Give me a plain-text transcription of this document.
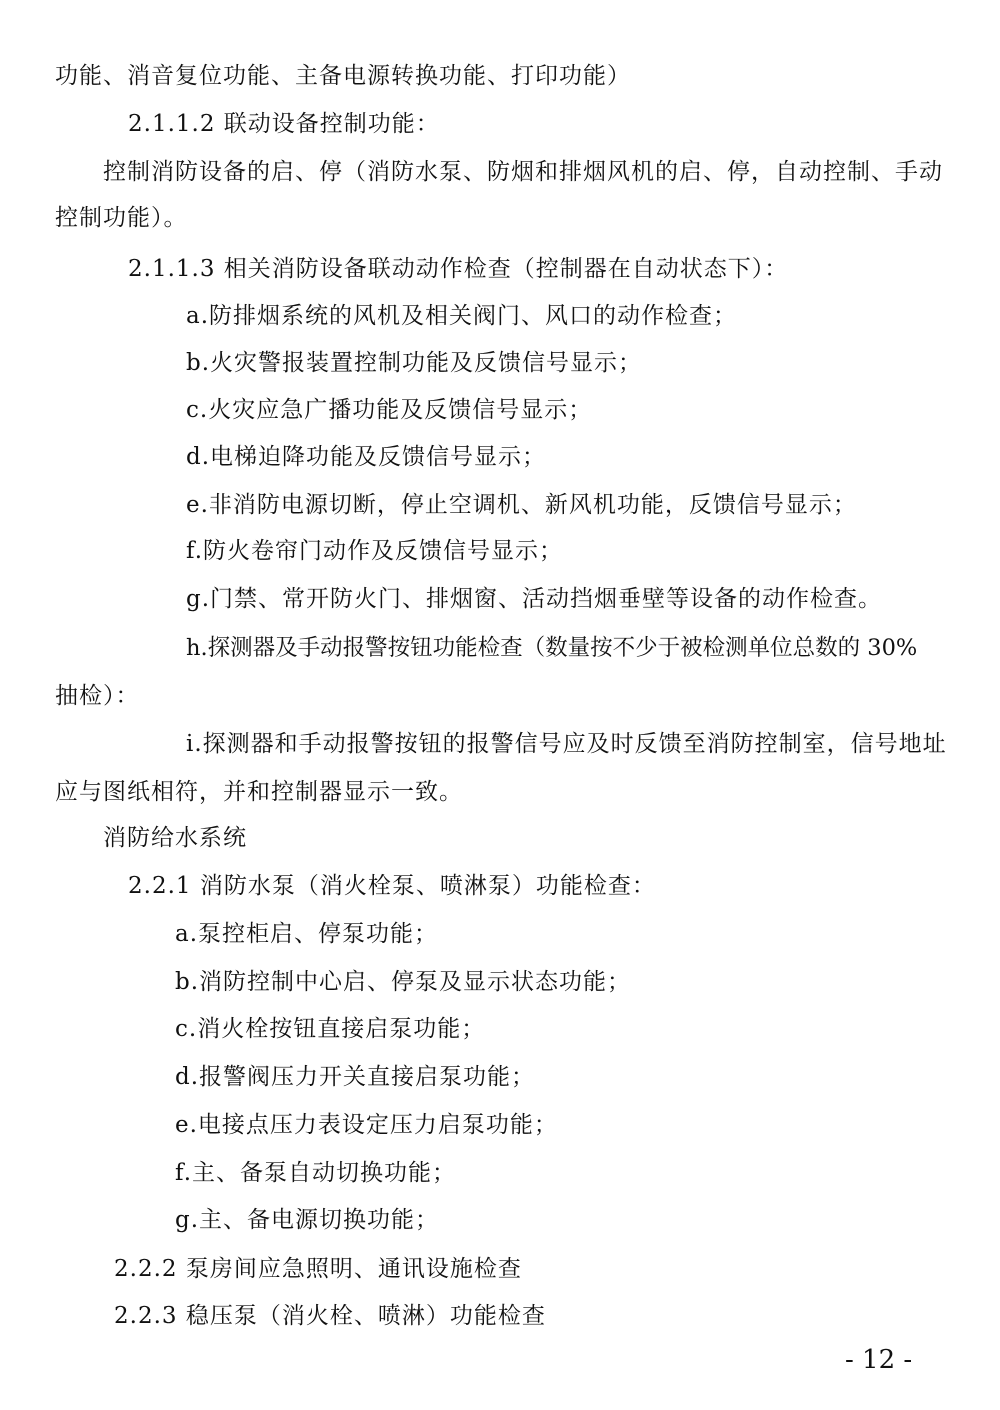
功能、消音复位功能、主备电源转换功能、打印功能）
2.1.1.2 联动设备控制功能：
控制消防设备的启、停（消防水泵、防烟和排烟风机的启、停，自动控制、手动
控制功能）。
2.1.1.3 相关消防设备联动动作检查（控制器在自动状态下）：
a.防排烟系统的风机及相关阀门、风口的动作检查；
b.火灾警报装置控制功能及反馈信号显示；
c.火灾应急广播功能及反馈信号显示；
d.电梯迫降功能及反馈信号显示；
e.非消防电源切断，停止空调机、新风机功能，反馈信号显示；
f.防火卷帘门动作及反馈信号显示；
g.门禁、常开防火门、排烟窗、活动挡烟垂壁等设备的动作检查。
h.探测器及手动报警按钮功能检查（数量按不少于被检测单位总数的 30%
抽检）：
i.探测器和手动报警按钮的报警信号应及时反馈至消防控制室，信号地址
应与图纸相符，并和控制器显示一致。
消防给水系统
2.2.1 消防水泵（消火栓泵、喷淋泵）功能检查：
a.泵控柜启、停泵功能；
b.消防控制中心启、停泵及显示状态功能；
c.消火栓按钮直接启泵功能；
d.报警阀压力开关直接启泵功能；
e.电接点压力表设定压力启泵功能；
f.主、备泵自动切换功能；
g.主、备电源切换功能；
2.2.2 泵房间应急照明、通讯设施检查
2.2.3 稳压泵（消火栓、喷淋）功能检查
- 12 -
